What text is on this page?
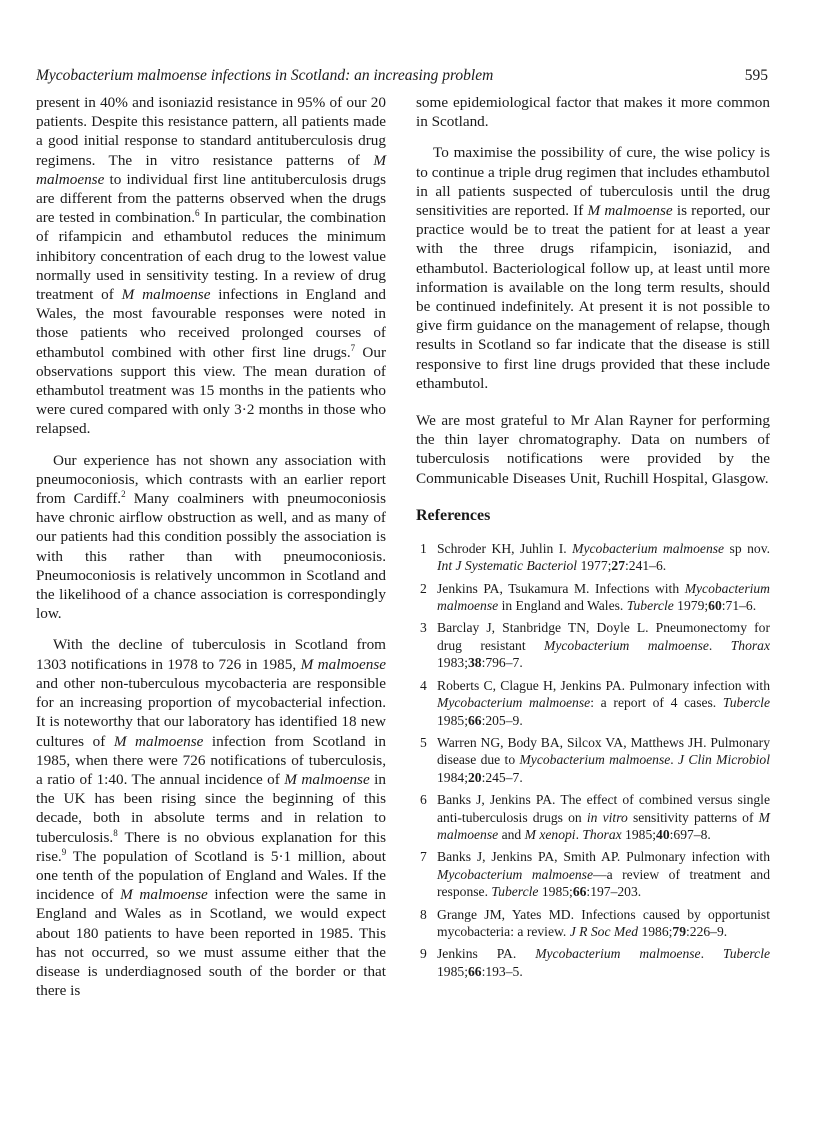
Mycobacterium malmoense infections in Scotland: an increasing problem	595

present in 40% and isoniazid resistance in 95% of our 20 patients. Despite this resistance pattern, all patients made a good initial response to standard antituberculosis drug regimens. The in vitro resistance patterns of M malmoense to individual first line antituberculosis drugs are different from the patterns observed when the drugs are tested in combination.$^6$ In particular, the combination of rifampicin and ethambutol reduces the minimum inhibitory concentration of each drug to the lowest value normally used in sensitivity testing. In a review of drug treatment of M malmoense infections in England and Wales, the most favourable responses were noted in those patients who received prolonged courses of ethambutol combined with other first line drugs.$^7$ Our observations support this view. The mean duration of ethambutol treatment was 15 months in the patients who were cured compared with only 3·2 months in those who relapsed.

Our experience has not shown any association with pneumoconiosis, which contrasts with an earlier report from Cardiff.$^2$ Many coalminers with pneumoconiosis have chronic airflow obstruction as well, and as many of our patients had this condition possibly the association is with this rather than with pneumoconiosis. Pneumoconiosis is relatively uncommon in Scotland and the likelihood of a chance association is correspondingly low.

With the decline of tuberculosis in Scotland from 1303 notifications in 1978 to 726 in 1985, M malmoense and other non-tuberculous mycobacteria are responsible for an increasing proportion of mycobacterial infection. It is noteworthy that our laboratory has identified 18 new cultures of M malmoense infection from Scotland in 1985, when there were 726 notifications of tuberculosis, a ratio of 1:40. The annual incidence of M malmoense in the UK has been rising since the beginning of this decade, both in absolute terms and in relation to tuberculosis.$^8$ There is no obvious explanation for this rise.$^9$ The population of Scotland is 5·1 million, about one tenth of the population of England and Wales. If the incidence of M malmoense infection were the same in England and Wales as in Scotland, we would expect about 180 patients to have been reported in 1985. This has not occurred, so we must assume either that the disease is underdiagnosed south of the border or that there is

some epidemiological factor that makes it more common in Scotland.

To maximise the possibility of cure, the wise policy is to continue a triple drug regimen that includes ethambutol in all patients suspected of tuberculosis until the drug sensitivities are reported. If M malmoense is reported, our practice would be to treat the patient for at least a year with the three drugs rifampicin, isoniazid, and ethambutol. Bacteriological follow up, at least until more information is available on the long term results, should be continued indefinitely. At present it is not possible to give firm guidance on the management of relapse, though results in Scotland so far indicate that the disease is still responsive to first line drugs provided that these include ethambutol.

We are most grateful to Mr Alan Rayner for performing the thin layer chromatography. Data on numbers of tuberculosis notifications were provided by the Communicable Diseases Unit, Ruchill Hospital, Glasgow.

References
1 Schroder KH, Juhlin I. Mycobacterium malmoense sp nov. Int J Systematic Bacteriol 1977;27:241–6.
2 Jenkins PA, Tsukamura M. Infections with Mycobacterium malmoense in England and Wales. Tubercle 1979;60:71–6.
3 Barclay J, Stanbridge TN, Doyle L. Pneumonectomy for drug resistant Mycobacterium malmoense. Thorax 1983;38:796–7.
4 Roberts C, Clague H, Jenkins PA. Pulmonary infection with Mycobacterium malmoense: a report of 4 cases. Tubercle 1985;66:205–9.
5 Warren NG, Body BA, Silcox VA, Matthews JH. Pulmonary disease due to Mycobacterium malmoense. J Clin Microbiol 1984;20:245–7.
6 Banks J, Jenkins PA. The effect of combined versus single anti-tuberculosis drugs on in vitro sensitivity patterns of M malmoense and M xenopi. Thorax 1985;40:697–8.
7 Banks J, Jenkins PA, Smith AP. Pulmonary infection with Mycobacterium malmoense—a review of treatment and response. Tubercle 1985;66:197–203.
8 Grange JM, Yates MD. Infections caused by opportunist mycobacteria: a review. J R Soc Med 1986;79:226–9.
9 Jenkins PA. Mycobacterium malmoense. Tubercle 1985;66:193–5.
